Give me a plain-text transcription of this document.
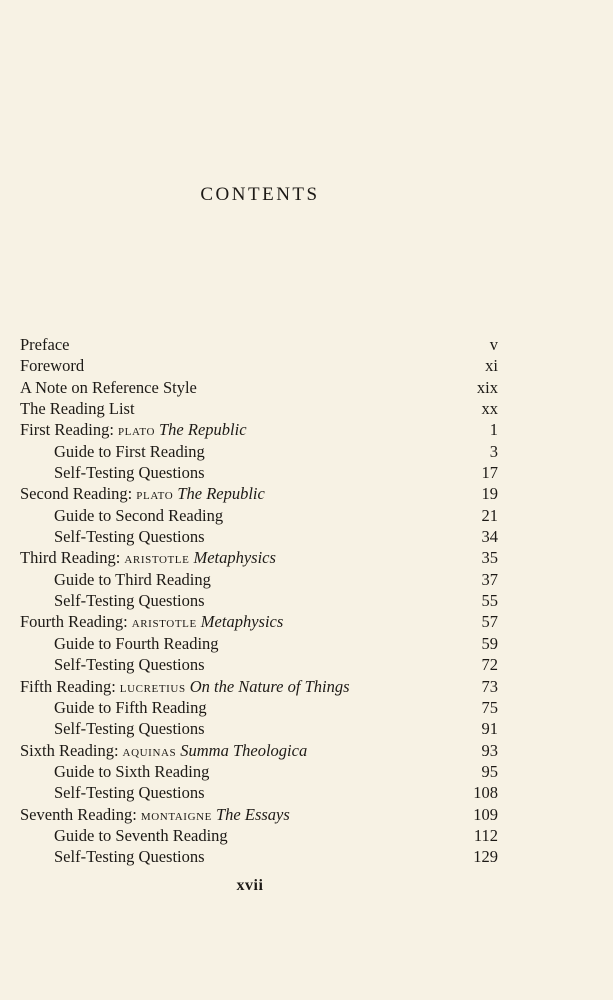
CONTENTS
Preface	v
Foreword	xi
A Note on Reference Style	xix
The Reading List	xx
First Reading: plato The Republic	1
Guide to First Reading	3
Self-Testing Questions	17
Second Reading: plato The Republic	19
Guide to Second Reading	21
Self-Testing Questions	34
Third Reading: aristotle Metaphysics	35
Guide to Third Reading	37
Self-Testing Questions	55
Fourth Reading: aristotle Metaphysics	57
Guide to Fourth Reading	59
Self-Testing Questions	72
Fifth Reading: lucretius On the Nature of Things	73
Guide to Fifth Reading	75
Self-Testing Questions	91
Sixth Reading: aquinas Summa Theologica	93
Guide to Sixth Reading	95
Self-Testing Questions	108
Seventh Reading: montaigne The Essays	109
Guide to Seventh Reading	112
Self-Testing Questions	129
xvii
